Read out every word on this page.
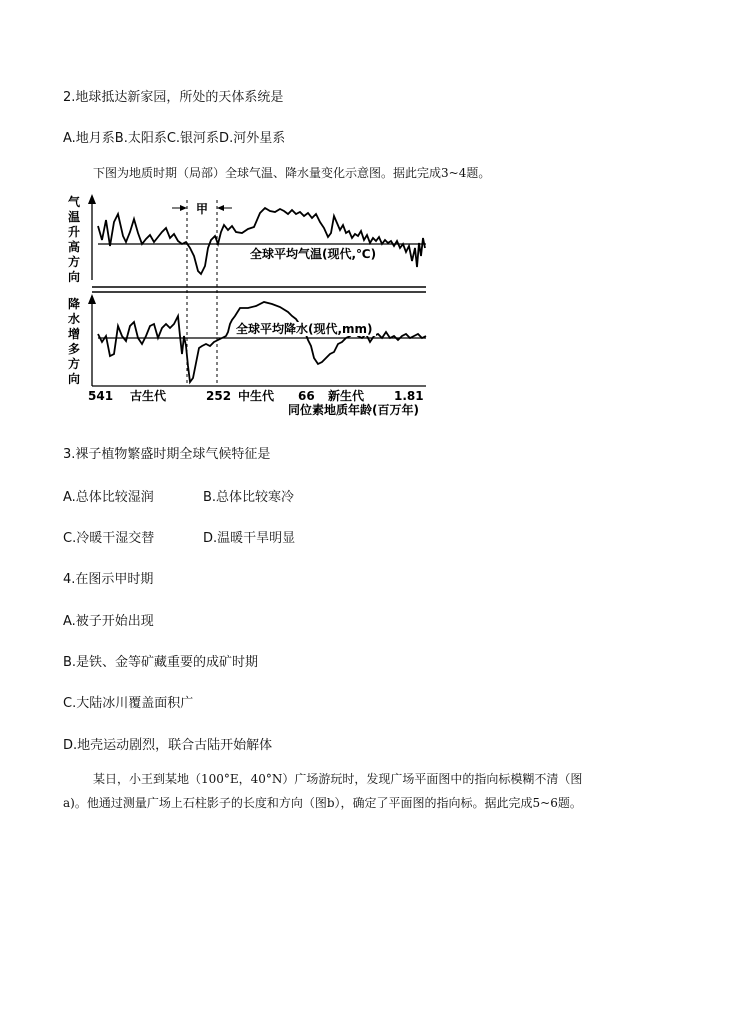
2.地球抵达新家园，所处的天体系统是
A.地月系B.太阳系C.银河系D.河外星系
下图为地质时期（局部）全球气温、降水量变化示意图。据此完成3~4题。
气
温
升
高
方
向
降
水
增
多
方
向
甲
全球平均气温(现代,℃)
全球平均降水(现代,mm)
541 古生代	252 中生代 66 新生代 1.81
同位素地质年龄(百万年)
3.裸子植物繁盛时期全球气候特征是
A.总体比较湿润	B.总体比较寒冷
C.冷暖干湿交替	D.温暖干旱明显
4.在图示甲时期
A.被子开始出现
B.是铁、金等矿藏重要的成矿时期
C.大陆冰川覆盖面积广
D.地壳运动剧烈，联合古陆开始解体
某日，小王到某地（100°E，40°N）广场游玩时，发现广场平面图中的指向标模糊不清（图
a)。他通过测量广场上石柱影子的长度和方向（图b），确定了平面图的指向标。据此完成5~6题。
